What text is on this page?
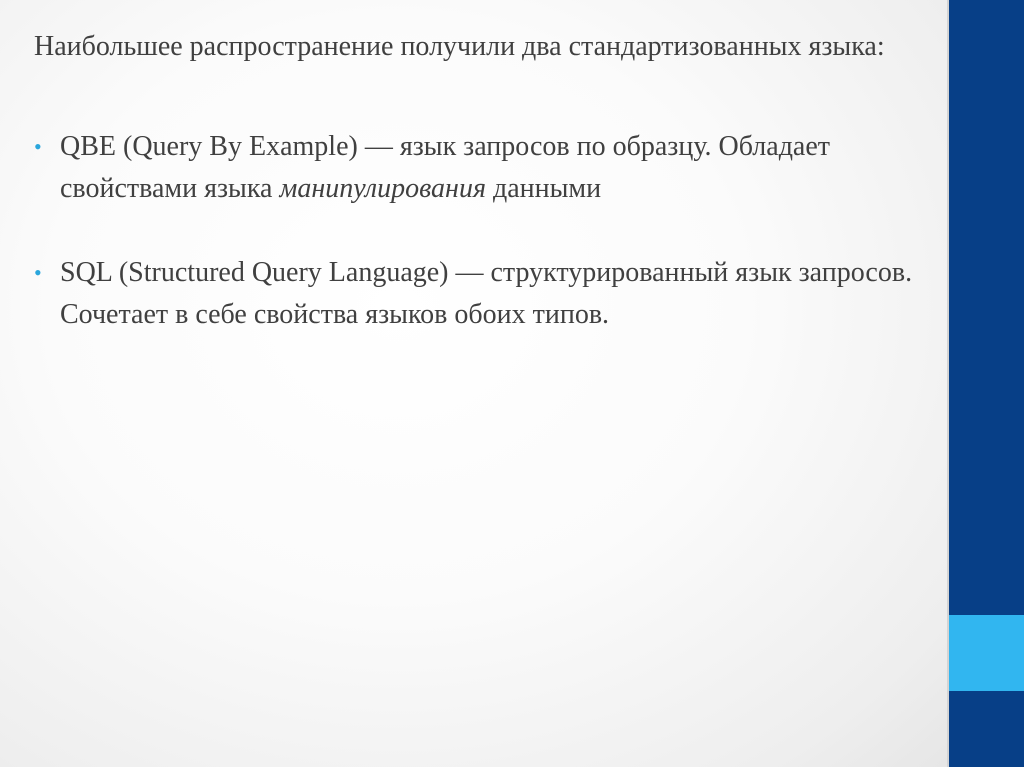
Наибольшее распространение получили два стандартизованных языка:

• QBE (Query By Example) — язык запросов по образцу. Обладает свойствами языка манипулирования данными
• SQL (Structured Query Language) — структурированный язык запросов. Сочетает в себе свойства языков обоих типов.
